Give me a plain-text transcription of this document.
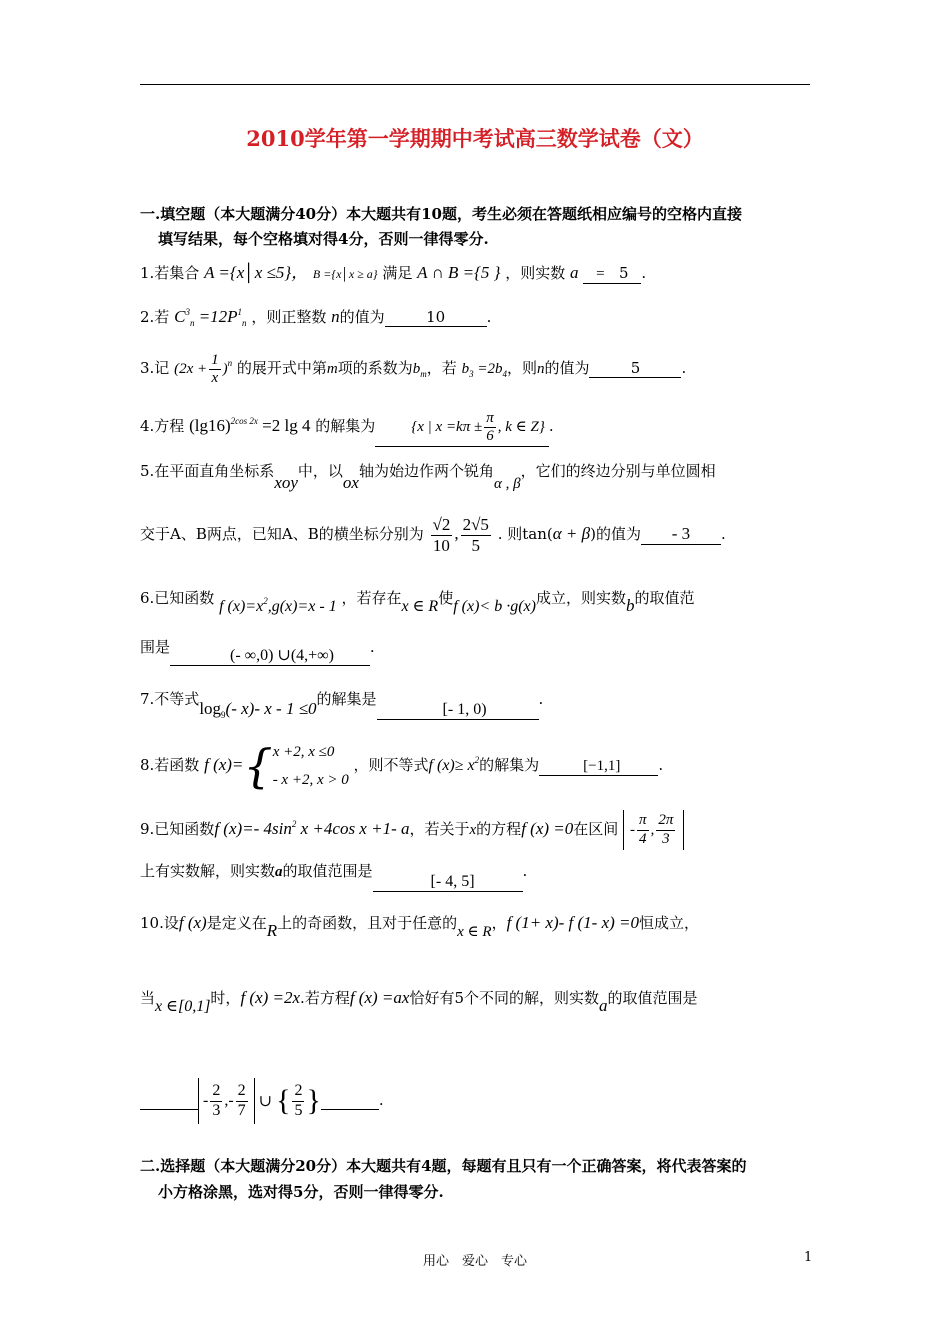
2010学年第一学期期中考试高三数学试卷（文）
一.填空题（本大题满分40分）本大题共有10题，考生必须在答题纸相应编号的空格内直接
填写结果，每个空格填对得4分，否则一律得零分.
1.若集合 A ={x│x ≤5}， B ={x│x ≥ a} 满足 A ∩ B ={5 } ，则实数 a = 5 .
2.若 $C^3_n =12P^1_n$ ，则正整数 n的值为	10	.
3.记 $(2x + \frac{1}{x} )^n$ 的展开式中第m项的系数为$b_m$，若 $b_3 =2b_4$，则n的值为	5	.
4.方程 $(\lg 16)^{2cos 2x} =2$ lg 4 的解集为 {x | $x =k\pi \pm \frac{\pi}{6}$ , k ∈ Z} .
5.在平面直角坐标系xoy中，以ox轴为始边作两个锐角α , β，它们的终边分别与单位圆相
交于A、B两点，已知A、B的横坐标分别为 $\frac{√2}{10}$ , $\frac{2√5}{5}$ . 则tan(α + β)的值为 - 3 .
6.已知函数 f $(x)=x^2,g(x)=x - 1$ ，若存在x ∈ R使f (x)< b ·g(x)成立，则实数b的取值范
围是	(- ∞,0) ∪(4,+∞) .
7.不等式$\log_9(-$ x)- x - 1 ≤0的解集是[- 1, 0)           .
8.若函数 f (x)= { x +2, x ≤0
- x +2, x > 0
，则不等式f $(x)\ge x^2$的解集为	[−1,1]	.
9.已知函数f (x)=- $4\sin^2$ x +4cos x +1- a，若关于x的方程f (x) =0在区间 - $\frac{\pi}{4}$ , $\frac{2\pi}{3}$
上有实数解，则实数a的取值范围是[- 4, 5]          .
10.设f (x)是定义在R上的奇函数，且对于任意的x ∈ R，f (1+ x)- f (1- x) =0恒成立，
当x ∈[0,1]时，f (x) =2x.若方程f (x) =ax恰好有5个不同的解，则实数a的取值范围是

- $\frac{2}{3}$ ,- $\frac{2}{7}$ ∪ { $\frac{2}{5}$ }	.
二.选择题（本大题满分20分）本大题共有4题，每题有且只有一个正确答案，将代表答案的
小方格涂黑，选对得5分，否则一律得零分.
用心　爱心　专心	1
